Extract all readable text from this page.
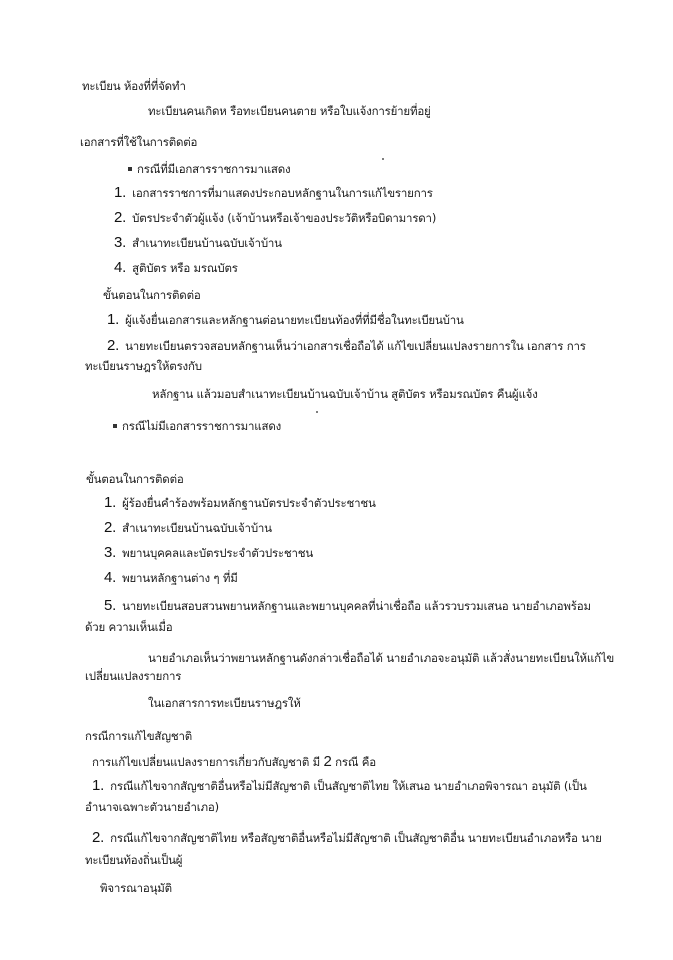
ทะเบียน ห้องที่ที่จัดทำ
ทะเบียนคนเกิดห รือทะเบียนคนตาย หรือใบแจ้งการย้ายที่อยู่
เอกสารที่ใช้ในการติดต่อ
กรณีที่มีเอกสารราชการมาแสดง
1. เอกสารราชการที่มาแสดงประกอบหลักฐานในการแก้ไขรายการ
2. บัตรประจำตัวผู้แจ้ง (เจ้าบ้านหรือเจ้าของประวัติหรือบิดามารดา)
3. สำเนาทะเบียนบ้านฉบับเจ้าบ้าน
4. สูติบัตร หรือ มรณบัตร
ขั้นตอนในการติดต่อ
1. ผู้แจ้งยื่นเอกสารและหลักฐานต่อนายทะเบียนท้องที่ที่มีชื่อในทะเบียนบ้าน
2. นายทะเบียนตรวจสอบหลักฐานเห็นว่าเอกสารเชื่อถือได้ แก้ไขเปลี่ยนแปลงรายการใน เอกสาร การ
ทะเบียนราษฎรให้ตรงกับ
หลักฐาน แล้วมอบสำเนาทะเบียนบ้านฉบับเจ้าบ้าน สูติบัตร หรือมรณบัตร คืนผู้แจ้ง
กรณีไม่มีเอกสารราชการมาแสดง
ขั้นตอนในการติดต่อ
1. ผู้ร้องยื่นคำร้องพร้อมหลักฐานบัตรประจำตัวประชาชน
2. สำเนาทะเบียนบ้านฉบับเจ้าบ้าน
3. พยานบุคคลและบัตรประจำตัวประชาชน
4. พยานหลักฐานต่าง ๆ ที่มี
5. นายทะเบียนสอบสวนพยานหลักฐานและพยานบุคคลที่น่าเชื่อถือ แล้วรวบรวมเสนอ นายอำเภอพร้อม
ด้วย ความเห็นเมื่อ
นายอำเภอเห็นว่าพยานหลักฐานดังกล่าวเชื่อถือได้ นายอำเภอจะอนุมัติ แล้วสั่งนายทะเบียนให้แก้ไข
เปลี่ยนแปลงรายการ
ในเอกสารการทะเบียนราษฎรให้
กรณีการแก้ไขสัญชาติ
การแก้ไขเปลี่ยนแปลงรายการเกี่ยวกับสัญชาติ มี 2 กรณี คือ
1. กรณีแก้ไขจากสัญชาติอื่นหรือไม่มีสัญชาติ เป็นสัญชาติไทย ให้เสนอ นายอำเภอพิจารณา อนุมัติ (เป็น
อำนาจเฉพาะตัวนายอำเภอ)
2. กรณีแก้ไขจากสัญชาติไทย หรือสัญชาติอื่นหรือไม่มีสัญชาติ เป็นสัญชาติอื่น นายทะเบียนอำเภอหรือ นาย
ทะเบียนท้องถิ่นเป็นผู้
พิจารณาอนุมัติ
